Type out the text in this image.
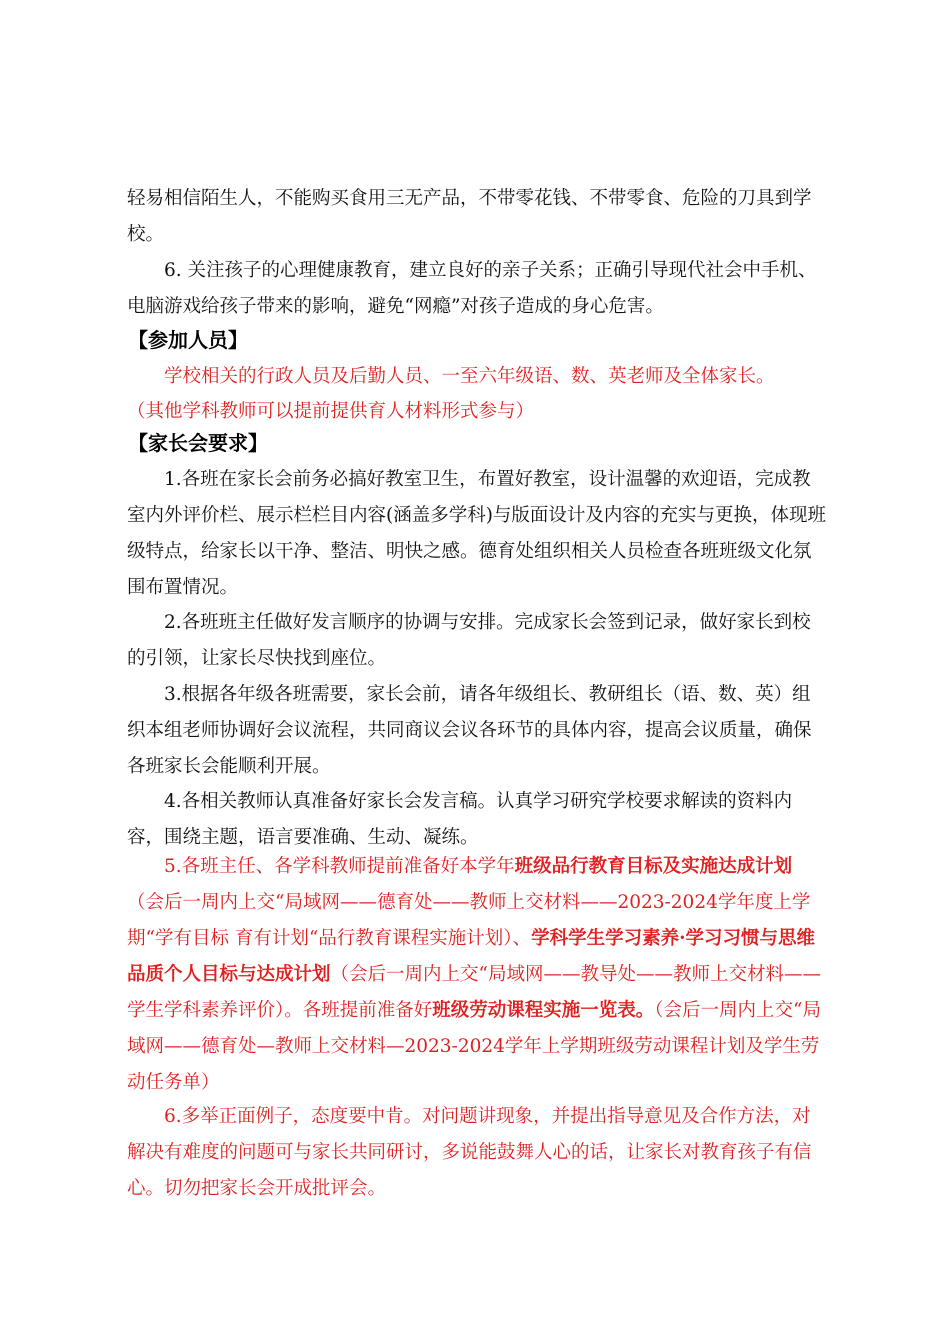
轻易相信陌生人，不能购买食用三无产品，不带零花钱、不带零食、危险的刀具到学校。

6. 关注孩子的心理健康教育，建立良好的亲子关系；正确引导现代社会中手机、电脑游戏给孩子带来的影响，避免“网瘾”对孩子造成的身心危害。

【参加人员】

学校相关的行政人员及后勤人员、一至六年级语、数、英老师及全体家长。

（其他学科教师可以提前提供育人材料形式参与）

【家长会要求】

1.各班在家长会前务必搞好教室卫生，布置好教室，设计温馨的欢迎语，完成教室内外评价栏、展示栏栏目内容(涵盖多学科)与版面设计及内容的充实与更换，体现班级特点，给家长以干净、整洁、明快之感。德育处组织相关人员检查各班班级文化氛围布置情况。

2.各班班主任做好发言顺序的协调与安排。完成家长会签到记录，做好家长到校的引领，让家长尽快找到座位。

3.根据各年级各班需要，家长会前，请各年级组长、教研组长（语、数、英）组织本组老师协调好会议流程，共同商议会议各环节的具体内容，提高会议质量，确保各班家长会能顺利开展。

4.各相关教师认真准备好家长会发言稿。认真学习研究学校要求解读的资料内容，围绕主题，语言要准确、生动、凝练。

5.各班主任、各学科教师提前准备好本学年班级品行教育目标及实施达成计划（会后一周内上交“局域网——德育处——教师上交材料——2023-2024学年度上学期“学有目标 育有计划“品行教育课程实施计划）、学科学生学习素养·学习习惯与思维品质个人目标与达成计划（会后一周内上交“局域网——教导处——教师上交材料——学生学科素养评价）。各班提前准备好班级劳动课程实施一览表。（会后一周内上交“局域网——德育处—教师上交材料—2023-2024学年上学期班级劳动课程计划及学生劳动任务单）

6.多举正面例子，态度要中肯。对问题讲现象，并提出指导意见及合作方法，对解决有难度的问题可与家长共同研讨，多说能鼓舞人心的话，让家长对教育孩子有信心。切勿把家长会开成批评会。
